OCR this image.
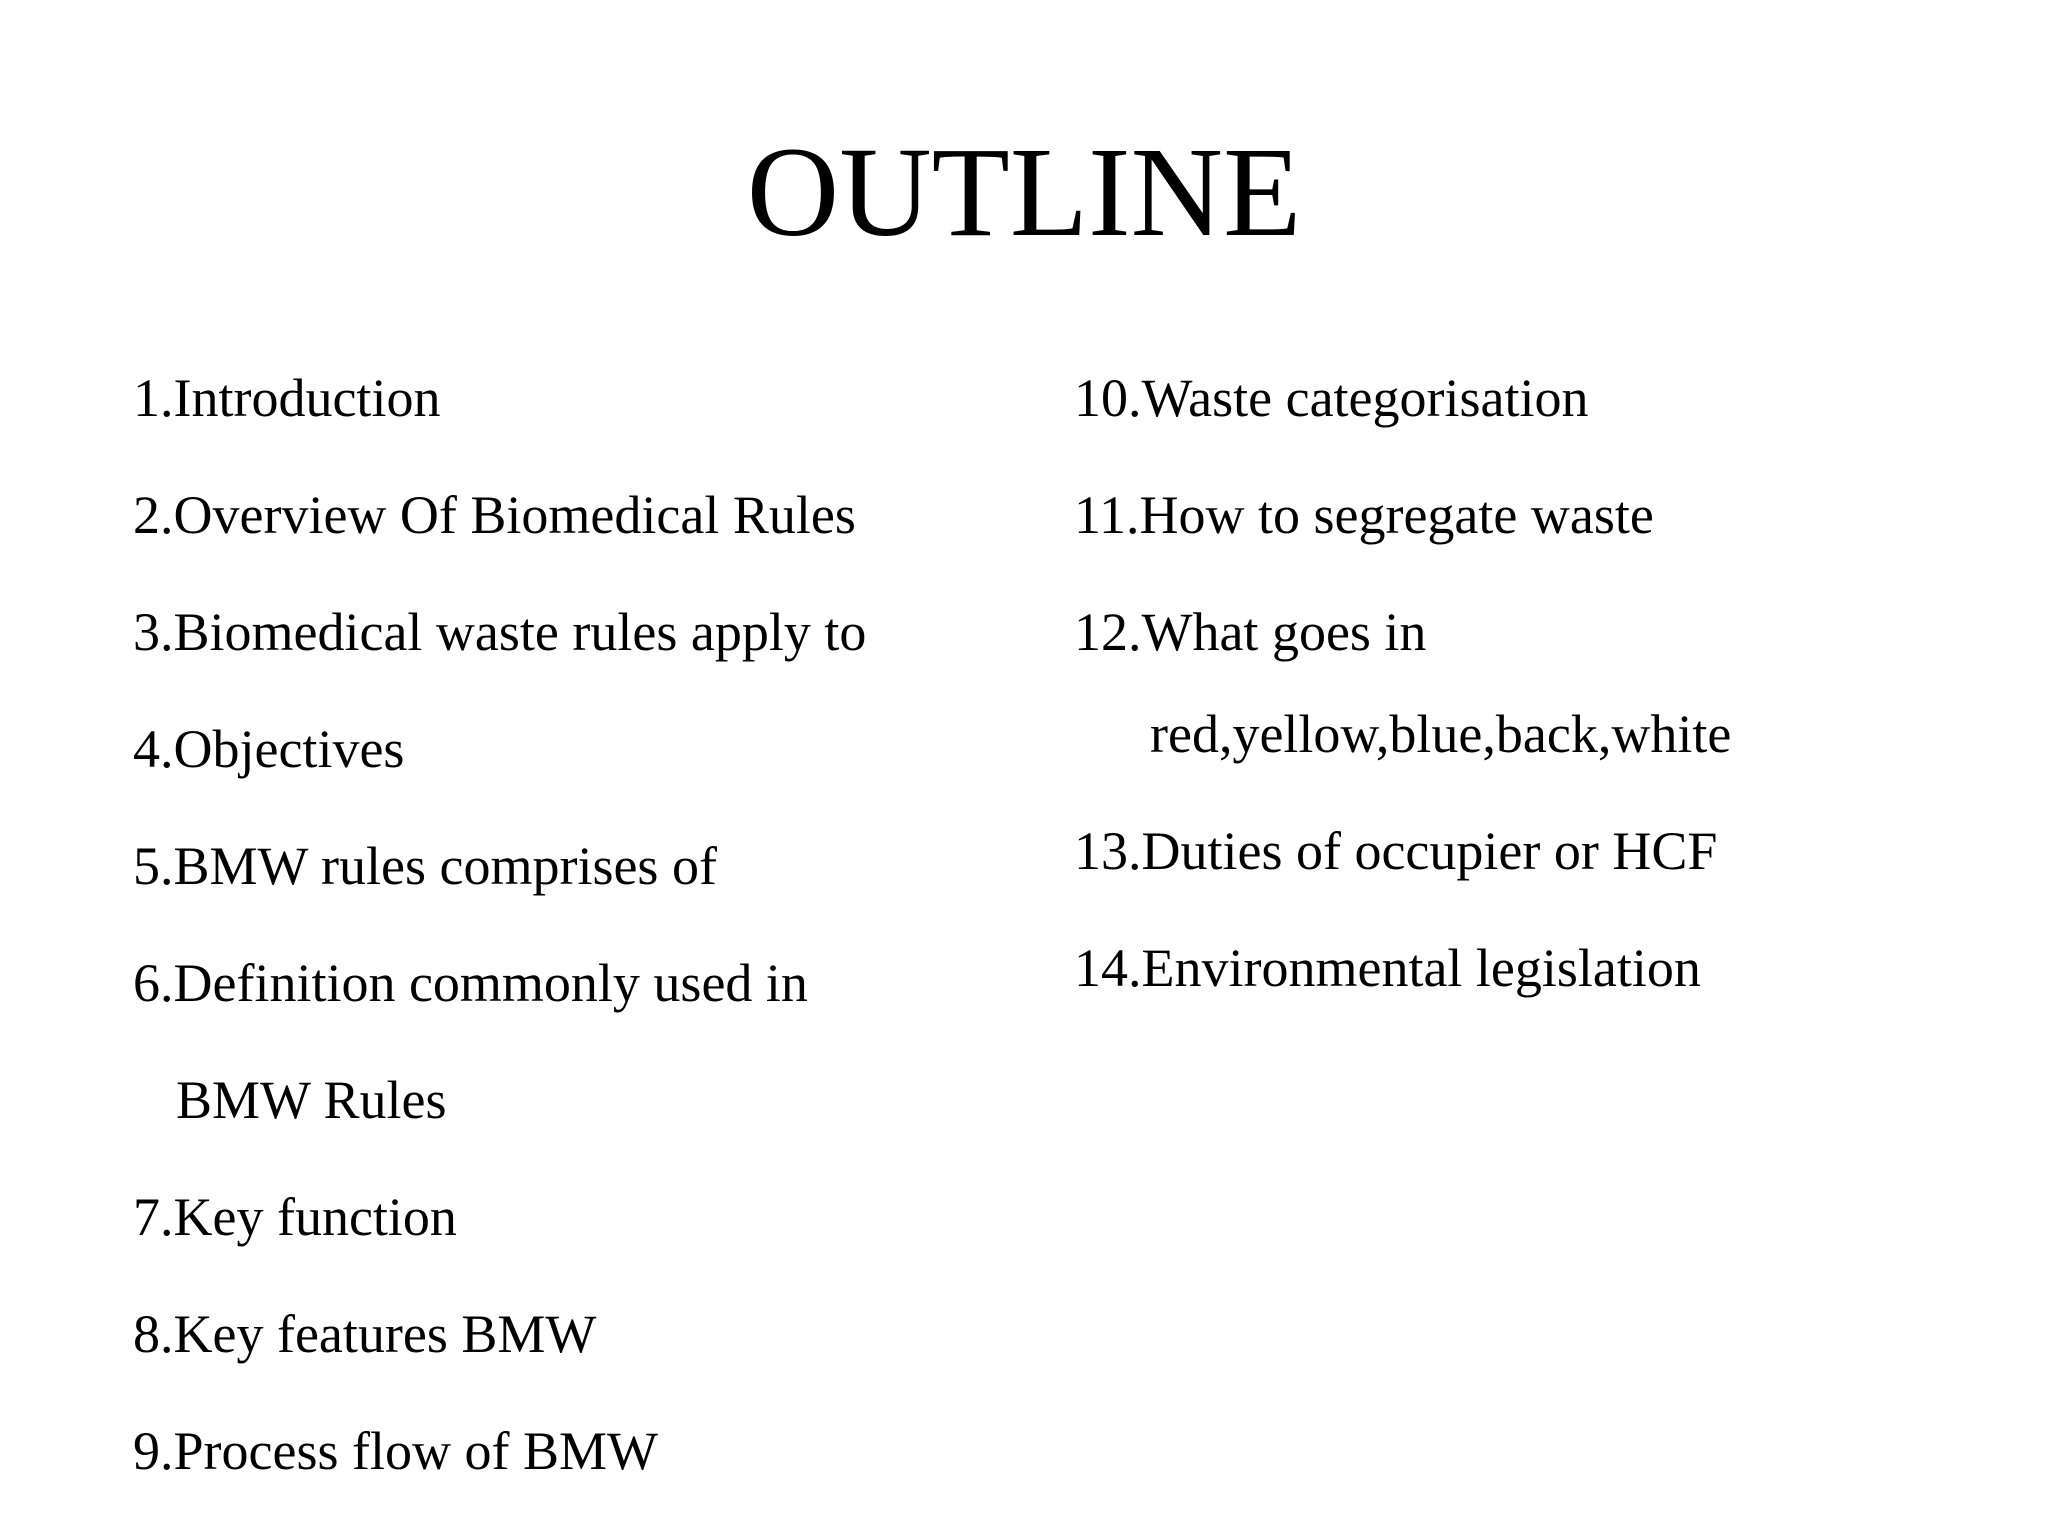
OUTLINE
1.Introduction
2.Overview Of Biomedical Rules
3.Biomedical waste rules apply to
4.Objectives
5.BMW rules comprises of
6.Definition commonly used in
BMW Rules
7.Key function
8.Key features BMW
9.Process flow of BMW
10.Waste categorisation
11.How to segregate waste
12.What goes in
red,yellow,blue,back,white
13.Duties of occupier or HCF
14.Environmental legislation
